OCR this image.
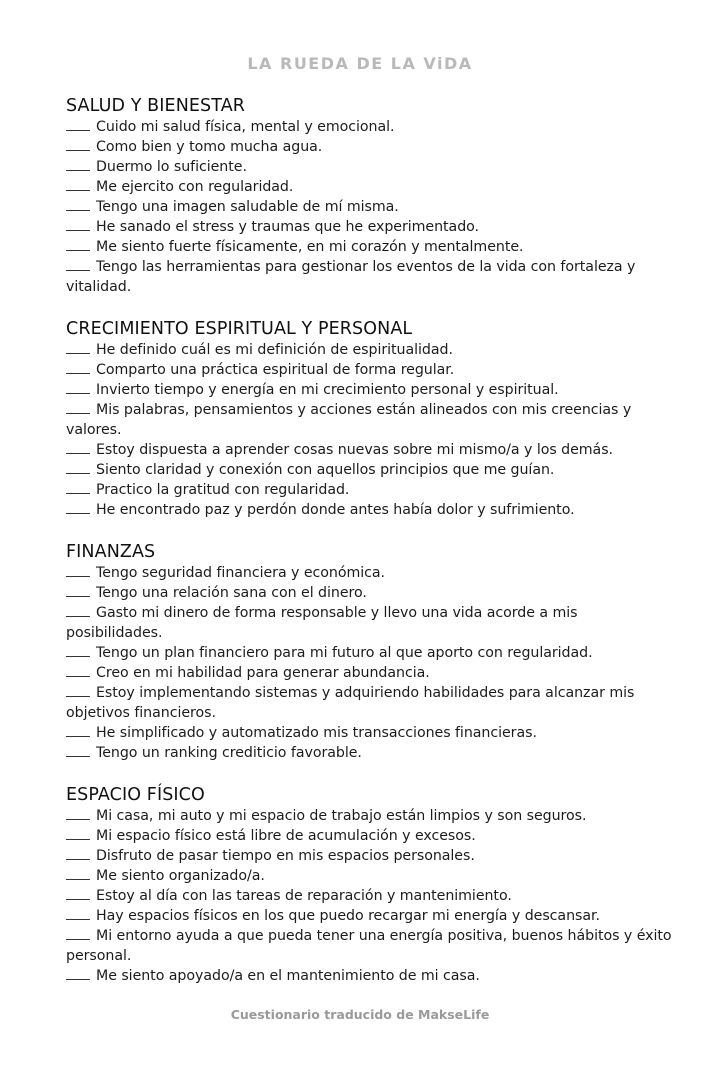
LA RUEDA DE LA ViDA
SALUD Y BIENESTAR

Cuido mi salud física, mental y emocional.

Como bien y tomo mucha agua.

Duermo lo suficiente.

Me ejercito con regularidad.

Tengo una imagen saludable de mí misma.

He sanado el stress y traumas que he experimentado.

Me siento fuerte físicamente, en mi corazón y mentalmente.

Tengo las herramientas para gestionar los eventos de la vida con fortaleza y vitalidad.

CRECIMIENTO ESPIRITUAL Y PERSONAL

He definido cuál es mi definición de espiritualidad.

Comparto una práctica espiritual de forma regular.

Invierto tiempo y energía en mi crecimiento personal y espiritual.

Mis palabras, pensamientos y acciones están alineados con mis creencias y valores.

Estoy dispuesta a aprender cosas nuevas sobre mi mismo/a y los demás.

Siento claridad y conexión con aquellos principios que me guían.

Practico la gratitud con regularidad.

He encontrado paz y perdón donde antes había dolor y sufrimiento.

FINANZAS

Tengo seguridad financiera y económica.

Tengo una relación sana con el dinero.

Gasto mi dinero de forma responsable y llevo una vida acorde a mis posibilidades.

Tengo un plan financiero para mi futuro al que aporto con regularidad.

Creo en mi habilidad para generar abundancia.

Estoy implementando sistemas y adquiriendo habilidades para alcanzar mis objetivos financieros.

He simplificado y automatizado mis transacciones financieras.

Tengo un ranking crediticio favorable.

ESPACIO FÍSICO

Mi casa, mi auto y mi espacio de trabajo están limpios y son seguros.

Mi espacio físico está libre de acumulación y excesos.

Disfruto de pasar tiempo en mis espacios personales.

Me siento organizado/a.

Estoy al día con las tareas de reparación y mantenimiento.

Hay espacios físicos en los que puedo recargar mi energía y descansar.

Mi entorno ayuda a que pueda tener una energía positiva, buenos hábitos y éxito personal.

Me siento apoyado/a en el mantenimiento de mi casa.

Cuestionario traducido de MakseLife
